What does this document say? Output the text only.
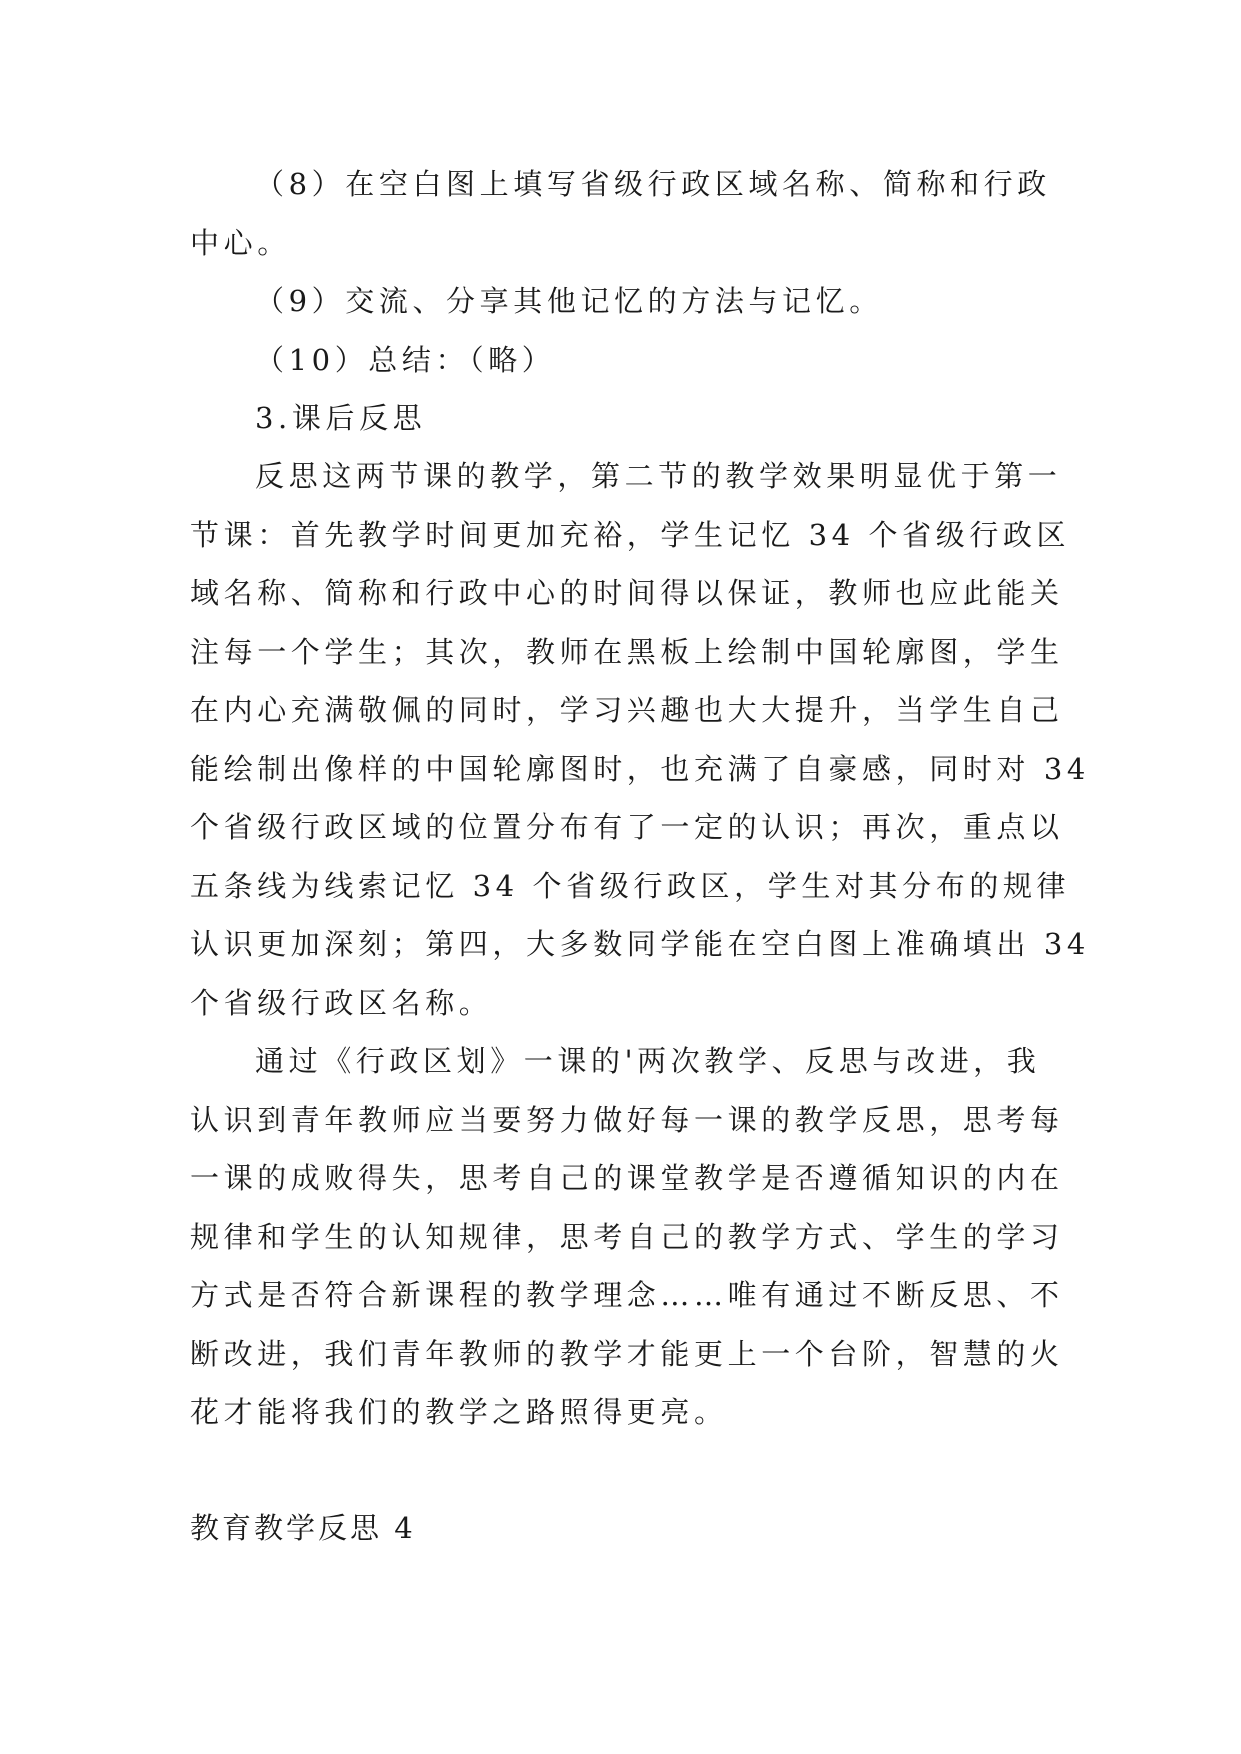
（8）在空白图上填写省级行政区域名称、简称和行政
中心。
（9）交流、分享其他记忆的方法与记忆。
（10）总结：（略）
3.课后反思
反思这两节课的教学，第二节的教学效果明显优于第一
节课：首先教学时间更加充裕，学生记忆 34 个省级行政区
域名称、简称和行政中心的时间得以保证，教师也应此能关
注每一个学生；其次，教师在黑板上绘制中国轮廓图，学生
在内心充满敬佩的同时，学习兴趣也大大提升，当学生自己
能绘制出像样的中国轮廓图时，也充满了自豪感，同时对 34
个省级行政区域的位置分布有了一定的认识；再次，重点以
五条线为线索记忆 34 个省级行政区，学生对其分布的规律
认识更加深刻；第四，大多数同学能在空白图上准确填出 34
个省级行政区名称。
通过《行政区划》一课的'两次教学、反思与改进，我
认识到青年教师应当要努力做好每一课的教学反思，思考每
一课的成败得失，思考自己的课堂教学是否遵循知识的内在
规律和学生的认知规律，思考自己的教学方式、学生的学习
方式是否符合新课程的教学理念……唯有通过不断反思、不
断改进，我们青年教师的教学才能更上一个台阶，智慧的火
花才能将我们的教学之路照得更亮。
教育教学反思 4
